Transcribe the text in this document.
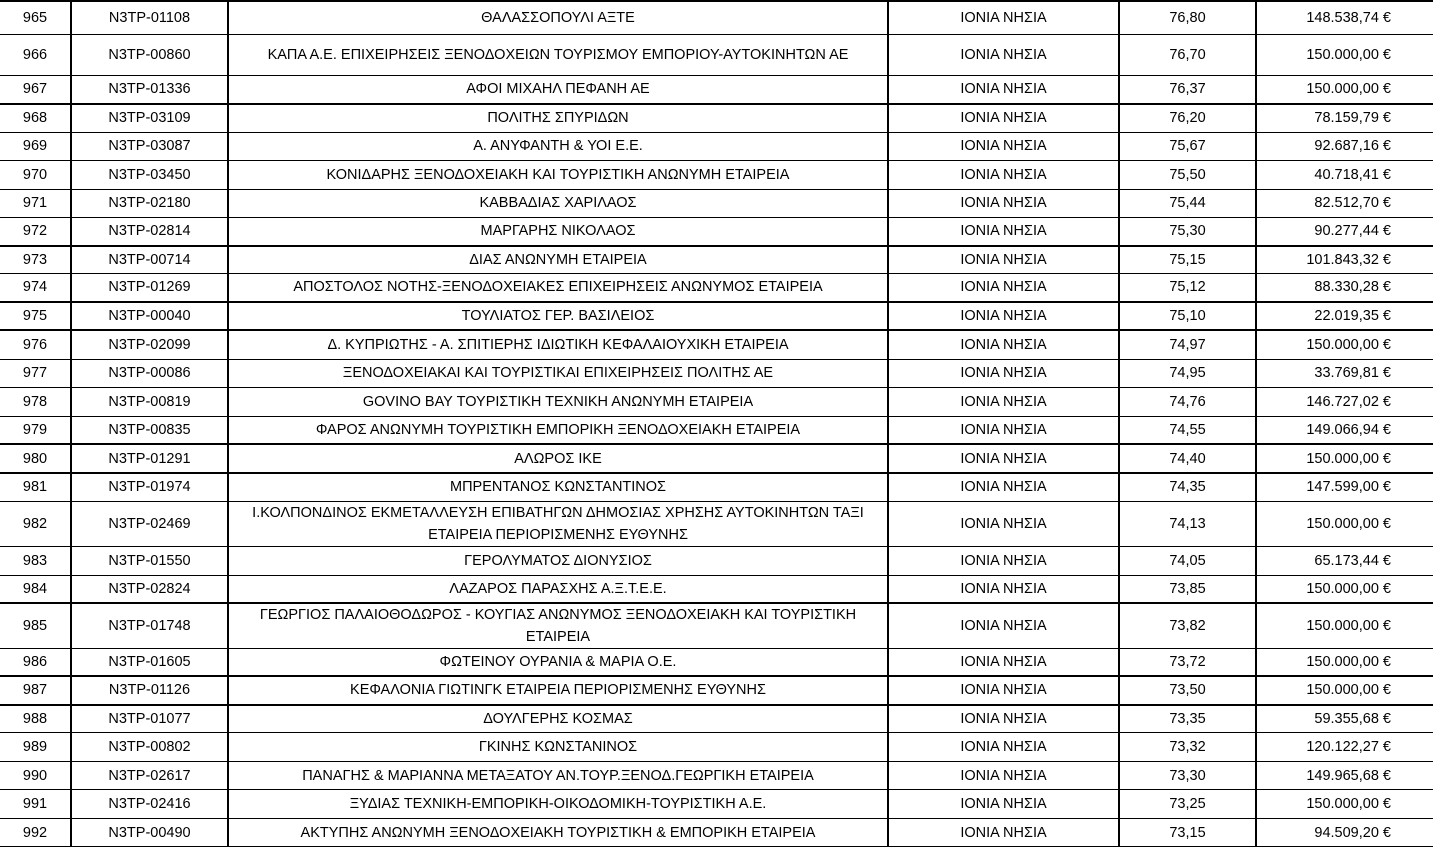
965	Ν3ΤΡ-01108	ΘΑΛΑΣΣΟΠΟΥΛΙ ΑΞΤΕ	ΙΟΝΙΑ ΝΗΣΙΑ	76,80	148.538,74 €
966	Ν3ΤΡ-00860	ΚΑΠΑ Α.Ε. ΕΠΙΧΕΙΡΗΣΕΙΣ ΞΕΝΟΔΟΧΕΙΩΝ ΤΟΥΡΙΣΜΟΥ ΕΜΠΟΡΙΟΥ-ΑΥΤΟΚΙΝΗΤΩΝ ΑΕ	ΙΟΝΙΑ ΝΗΣΙΑ	76,70	150.000,00 €
967	Ν3ΤΡ-01336	ΑΦΟΙ ΜΙΧΑΗΛ ΠΕΦΑΝΗ ΑΕ	ΙΟΝΙΑ ΝΗΣΙΑ	76,37	150.000,00 €
968	Ν3ΤΡ-03109	ΠΟΛΙΤΗΣ ΣΠΥΡΙΔΩΝ	ΙΟΝΙΑ ΝΗΣΙΑ	76,20	78.159,79 €
969	Ν3ΤΡ-03087	Α. ΑΝΥΦΑΝΤΗ & ΥΟΙ Ε.Ε.	ΙΟΝΙΑ ΝΗΣΙΑ	75,67	92.687,16 €
970	Ν3ΤΡ-03450	ΚΟΝΙΔΑΡΗΣ ΞΕΝΟΔΟΧΕΙΑΚΗ ΚΑΙ ΤΟΥΡΙΣΤΙΚΗ ΑΝΩΝΥΜΗ ΕΤΑΙΡΕΙΑ	ΙΟΝΙΑ ΝΗΣΙΑ	75,50	40.718,41 €
971	Ν3ΤΡ-02180	ΚΑΒΒΑΔΙΑΣ ΧΑΡΙΛΑΟΣ	ΙΟΝΙΑ ΝΗΣΙΑ	75,44	82.512,70 €
972	Ν3ΤΡ-02814	ΜΑΡΓΑΡΗΣ ΝΙΚΟΛΑΟΣ	ΙΟΝΙΑ ΝΗΣΙΑ	75,30	90.277,44 €
973	Ν3ΤΡ-00714	ΔΙΑΣ ΑΝΩΝΥΜΗ ΕΤΑΙΡΕΙΑ	ΙΟΝΙΑ ΝΗΣΙΑ	75,15	101.843,32 €
974	Ν3ΤΡ-01269	ΑΠΟΣΤΟΛΟΣ ΝΟΤΗΣ-ΞΕΝΟΔΟΧΕΙΑΚΕΣ ΕΠΙΧΕΙΡΗΣΕΙΣ ΑΝΩΝΥΜΟΣ ΕΤΑΙΡΕΙΑ	ΙΟΝΙΑ ΝΗΣΙΑ	75,12	88.330,28 €
975	Ν3ΤΡ-00040	ΤΟΥΛΙΑΤΟΣ ΓΕΡ. ΒΑΣΙΛΕΙΟΣ	ΙΟΝΙΑ ΝΗΣΙΑ	75,10	22.019,35 €
976	Ν3ΤΡ-02099	Δ. ΚΥΠΡΙΩΤΗΣ - Α. ΣΠΙΤΙΕΡΗΣ ΙΔΙΩΤΙΚΗ ΚΕΦΑΛΑΙΟΥΧΙΚΗ ΕΤΑΙΡΕΙΑ	ΙΟΝΙΑ ΝΗΣΙΑ	74,97	150.000,00 €
977	Ν3ΤΡ-00086	ΞΕΝΟΔΟΧΕΙΑΚΑΙ ΚΑΙ ΤΟΥΡΙΣΤΙΚΑΙ ΕΠΙΧΕΙΡΗΣΕΙΣ ΠΟΛΙΤΗΣ ΑΕ	ΙΟΝΙΑ ΝΗΣΙΑ	74,95	33.769,81 €
978	Ν3ΤΡ-00819	GOVINO BAY ΤΟΥΡΙΣΤΙΚΗ ΤΕΧΝΙΚΗ ΑΝΩΝΥΜΗ ΕΤΑΙΡΕΙΑ	ΙΟΝΙΑ ΝΗΣΙΑ	74,76	146.727,02 €
979	Ν3ΤΡ-00835	ΦΑΡΟΣ ΑΝΩΝΥΜΗ ΤΟΥΡΙΣΤΙΚΗ ΕΜΠΟΡΙΚΗ ΞΕΝΟΔΟΧΕΙΑΚΗ ΕΤΑΙΡΕΙΑ	ΙΟΝΙΑ ΝΗΣΙΑ	74,55	149.066,94 €
980	Ν3ΤΡ-01291	ΑΛΩΡΟΣ ΙΚΕ	ΙΟΝΙΑ ΝΗΣΙΑ	74,40	150.000,00 €
981	Ν3ΤΡ-01974	ΜΠΡΕΝΤΑΝΟΣ ΚΩΝΣΤΑΝΤΙΝΟΣ	ΙΟΝΙΑ ΝΗΣΙΑ	74,35	147.599,00 €
982	Ν3ΤΡ-02469	Ι.ΚΟΛΠΟΝΔΙΝΟΣ ΕΚΜΕΤΑΛΛΕΥΣΗ ΕΠΙΒΑΤΗΓΩΝ ΔΗΜΟΣΙΑΣ ΧΡΗΣΗΣ ΑΥΤΟΚΙΝΗΤΩΝ ΤΑΞΙ ΕΤΑΙΡΕΙΑ ΠΕΡΙΟΡΙΣΜΕΝΗΣ ΕΥΘΥΝΗΣ	ΙΟΝΙΑ ΝΗΣΙΑ	74,13	150.000,00 €
983	Ν3ΤΡ-01550	ΓΕΡΟΛΥΜΑΤΟΣ ΔΙΟΝΥΣΙΟΣ	ΙΟΝΙΑ ΝΗΣΙΑ	74,05	65.173,44 €
984	Ν3ΤΡ-02824	ΛΑΖΑΡΟΣ ΠΑΡΑΣΧΗΣ Α.Ξ.Τ.Ε.Ε.	ΙΟΝΙΑ ΝΗΣΙΑ	73,85	150.000,00 €
985	Ν3ΤΡ-01748	ΓΕΩΡΓΙΟΣ ΠΑΛΑΙΟΘΟΔΩΡΟΣ - ΚΟΥΓΙΑΣ ΑΝΩΝΥΜΟΣ ΞΕΝΟΔΟΧΕΙΑΚΗ ΚΑΙ ΤΟΥΡΙΣΤΙΚΗ ΕΤΑΙΡΕΙΑ	ΙΟΝΙΑ ΝΗΣΙΑ	73,82	150.000,00 €
986	Ν3ΤΡ-01605	ΦΩΤΕΙΝΟΥ ΟΥΡΑΝΙΑ & ΜΑΡΙΑ Ο.Ε.	ΙΟΝΙΑ ΝΗΣΙΑ	73,72	150.000,00 €
987	Ν3ΤΡ-01126	ΚΕΦΑΛΟΝΙΑ ΓΙΩΤΙΝΓΚ ΕΤΑΙΡΕΙΑ ΠΕΡΙΟΡΙΣΜΕΝΗΣ ΕΥΘΥΝΗΣ	ΙΟΝΙΑ ΝΗΣΙΑ	73,50	150.000,00 €
988	Ν3ΤΡ-01077	ΔΟΥΛΓΕΡΗΣ ΚΟΣΜΑΣ	ΙΟΝΙΑ ΝΗΣΙΑ	73,35	59.355,68 €
989	Ν3ΤΡ-00802	ΓΚΙΝΗΣ ΚΩΝΣΤΑΝΙΝΟΣ	ΙΟΝΙΑ ΝΗΣΙΑ	73,32	120.122,27 €
990	Ν3ΤΡ-02617	ΠΑΝΑΓΗΣ & ΜΑΡΙΑΝΝΑ ΜΕΤΑΞΑΤΟΥ ΑΝ.ΤΟΥΡ.ΞΕΝΟΔ.ΓΕΩΡΓΙΚΗ ΕΤΑΙΡΕΙΑ	ΙΟΝΙΑ ΝΗΣΙΑ	73,30	149.965,68 €
991	Ν3ΤΡ-02416	ΞΥΔΙΑΣ ΤΕΧΝΙΚΗ-ΕΜΠΟΡΙΚΗ-ΟΙΚΟΔΟΜΙΚΗ-ΤΟΥΡΙΣΤΙΚΗ Α.Ε.	ΙΟΝΙΑ ΝΗΣΙΑ	73,25	150.000,00 €
992	Ν3ΤΡ-00490	ΑΚΤΥΠΗΣ ΑΝΩΝΥΜΗ ΞΕΝΟΔΟΧΕΙΑΚΗ ΤΟΥΡΙΣΤΙΚΗ & ΕΜΠΟΡΙΚΗ ΕΤΑΙΡΕΙΑ	ΙΟΝΙΑ ΝΗΣΙΑ	73,15	94.509,20 €
